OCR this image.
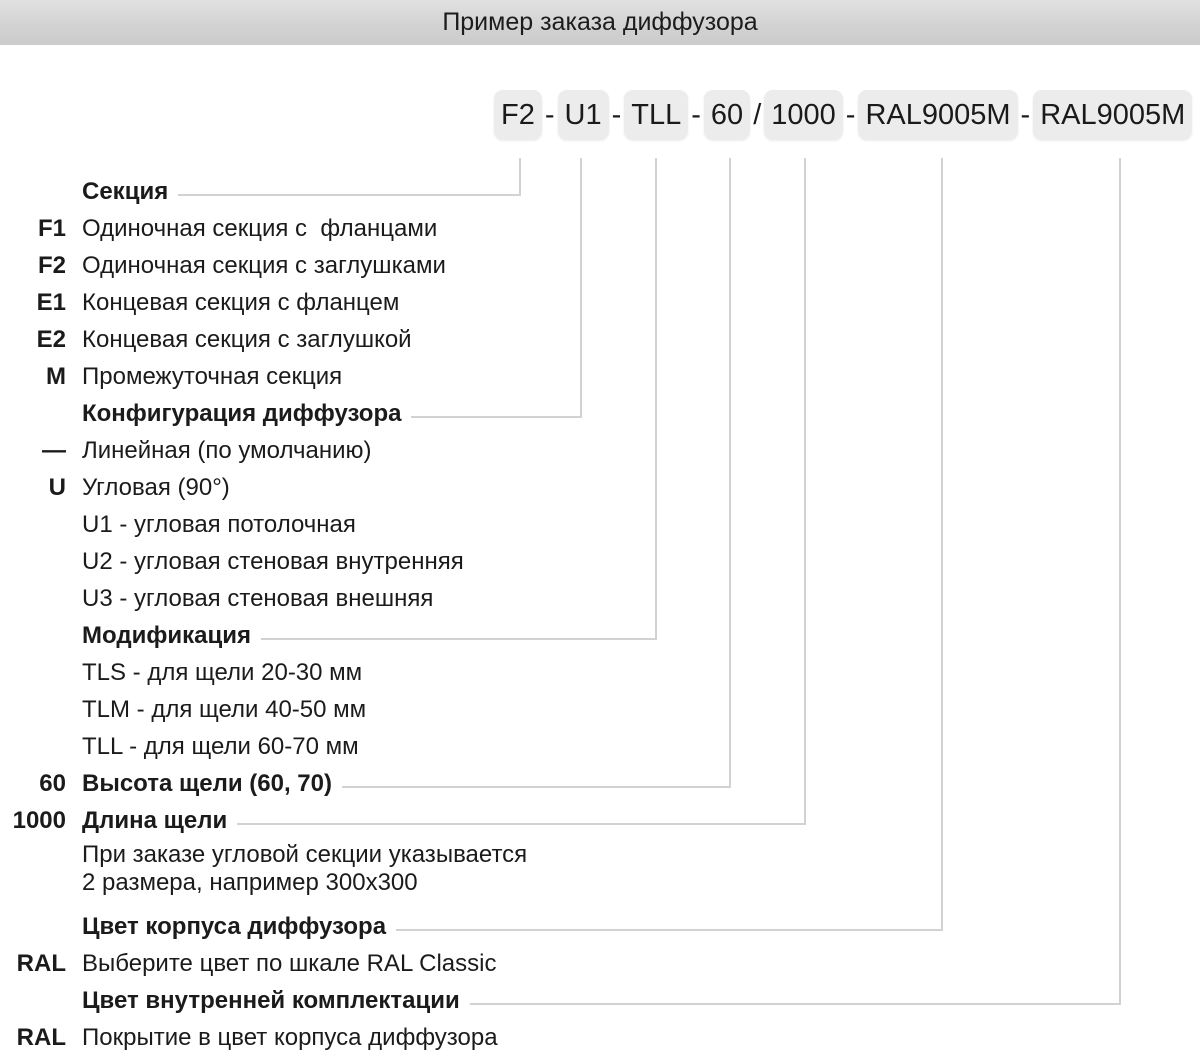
Пример заказа диффузора
F2 - U1 - TLL - 60 / 1000 - RAL9005M - RAL9005M
Секция
F1 Одиночная секция с  фланцами
F2 Одиночная секция с заглушками
E1 Концевая секция с фланцем
E2 Концевая секция с заглушкой
M Промежуточная секция
Конфигурация диффузора
— Линейная (по умолчанию)
U Угловая (90°)
U1 - угловая потолочная
U2 - угловая стеновая внутренняя
U3 - угловая стеновая внешняя
Модификация
TLS - для щели 20-30 мм
TLM - для щели 40-50 мм
TLL - для щели 60-70 мм
60 Высота щели (60, 70)
1000 Длина щели
При заказе угловой секции указывается
2 размера, например 300x300
Цвет корпуса диффузора
RAL Выберите цвет по шкале RAL Classic
Цвет внутренней комплектации
RAL Покрытие в цвет корпуса диффузора
